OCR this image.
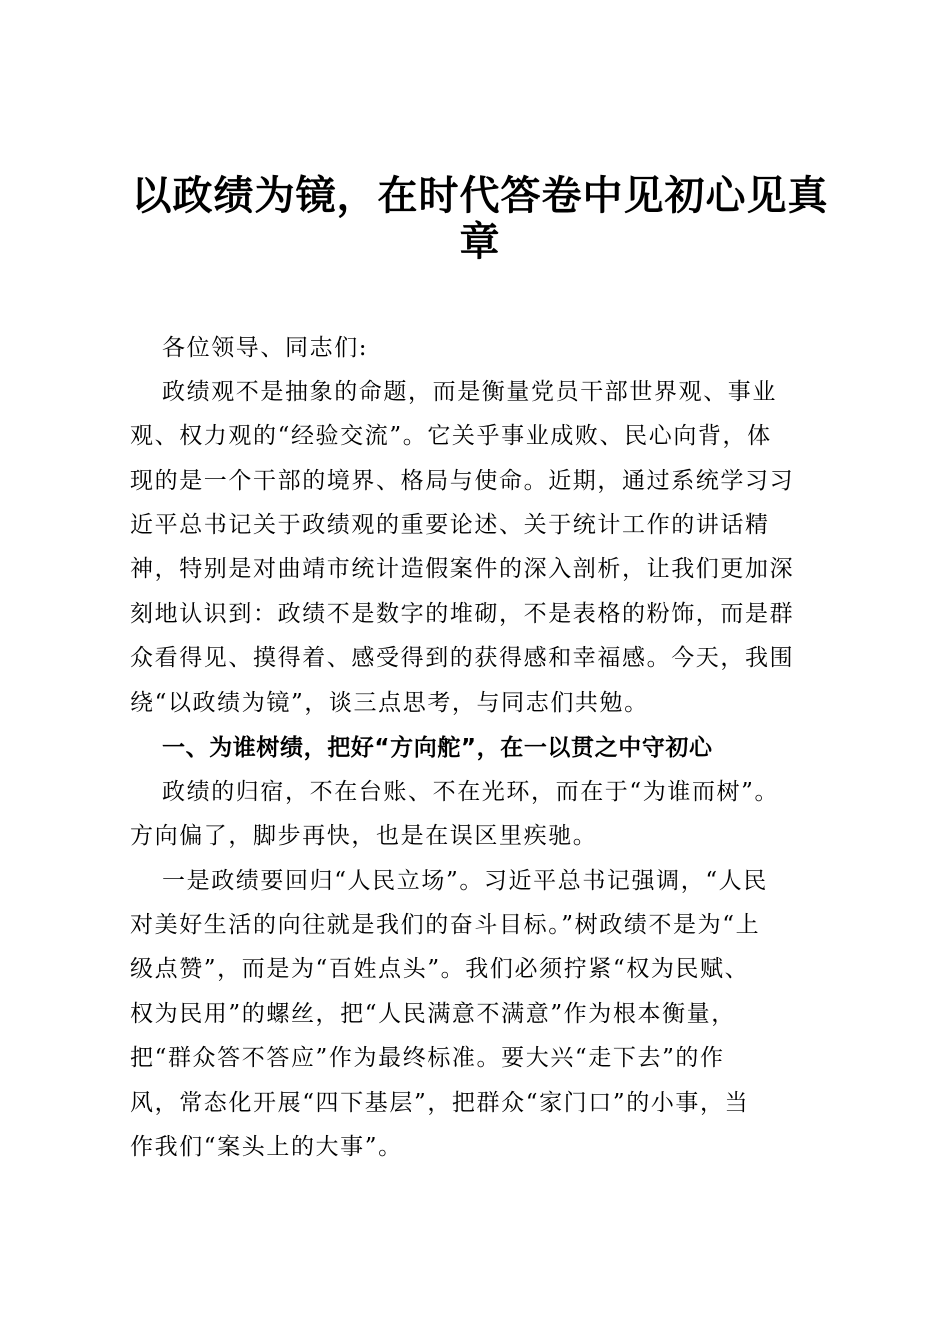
以政绩为镜，在时代答卷中见初心见真
章
各位领导、同志们:
政绩观不是抽象的命题，而是衡量党员干部世界观、事业
观、权力观的“经验交流”。它关乎事业成败、民心向背，体
现的是一个干部的境界、格局与使命。近期，通过系统学习习
近平总书记关于政绩观的重要论述、关于统计工作的讲话精
神，特别是对曲靖市统计造假案件的深入剖析，让我们更加深
刻地认识到：政绩不是数字的堆砌，不是表格的粉饰，而是群
众看得见、摸得着、感受得到的获得感和幸福感。今天，我围
绕“以政绩为镜”，谈三点思考，与同志们共勉。
一、为谁树绩，把好“方向舵”，在一以贯之中守初心
政绩的归宿，不在台账、不在光环，而在于“为谁而树”。
方向偏了，脚步再快，也是在误区里疾驰。
一是政绩要回归“人民立场”。习近平总书记强调，“人民
对美好生活的向往就是我们的奋斗目标。”树政绩不是为“上
级点赞”，而是为“百姓点头”。我们必须拧紧“权为民赋、
权为民用”的螺丝，把“人民满意不满意”作为根本衡量，
把“群众答不答应”作为最终标准。要大兴“走下去”的作
风，常态化开展“四下基层”，把群众“家门口”的小事，当
作我们“案头上的大事”。
